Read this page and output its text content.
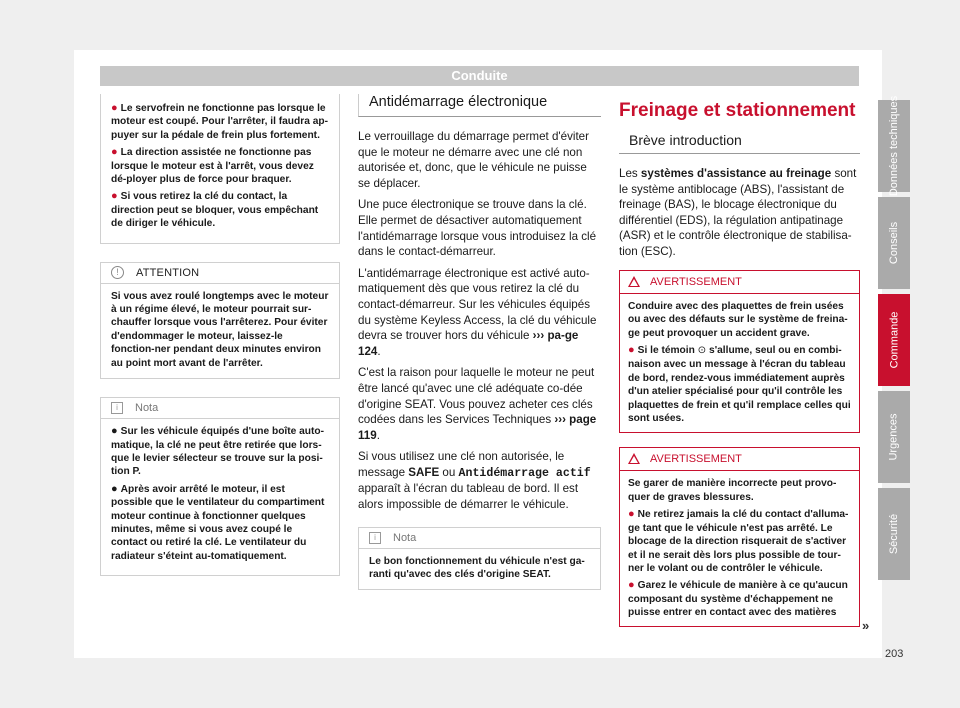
Conduite
● Le servofrein ne fonctionne pas lorsque le moteur est coupé. Pour l'arrêter, il faudra ap-puyer sur la pédale de frein plus fortement.
● La direction assistée ne fonctionne pas lorsque le moteur est à l'arrêt, vous devez dé-ployer plus de force pour braquer.
● Si vous retirez la clé du contact, la direction peut se bloquer, vous empêchant de diriger le véhicule.
!	ATTENTION
Si vous avez roulé longtemps avec le moteur à un régime élevé, le moteur pourrait sur-chauffer lorsque vous l'arrêterez. Pour éviter d'endommager le moteur, laissez-le fonction-ner pendant deux minutes environ au point mort avant de l'arrêter.
i	Nota
● Sur les véhicule équipés d'une boîte auto-matique, la clé ne peut être retirée que lors-que le levier sélecteur se trouve sur la posi-tion P.
● Après avoir arrêté le moteur, il est possible que le ventilateur du compartiment moteur continue à fonctionner quelques minutes, même si vous avez coupé le contact ou retiré la clé. Le ventilateur du radiateur s'éteint au-tomatiquement.
Antidémarrage électronique

Le verrouillage du démarrage permet d'éviter que le moteur ne démarre avec une clé non autorisée et, donc, que le véhicule ne puisse se déplacer.

Une puce électronique se trouve dans la clé. Elle permet de désactiver automatiquement l'antidémarrage lorsque vous introduisez la clé dans le contact-démarreur.

L'antidémarrage électronique est activé auto-matiquement dès que vous retirez la clé du contact-démarreur. Sur les véhicules équipés du système Keyless Access, la clé du véhicule devra se trouver hors du véhicule ››› pa-ge 124.

C'est la raison pour laquelle le moteur ne peut être lancé qu'avec une clé adéquate co-dée d'origine SEAT. Vous pouvez acheter ces clés codées dans les Services Techniques ››› page 119.

Si vous utilisez une clé non autorisée, le message SAFE ou Antidémarrage actif apparaît à l'écran du tableau de bord. Il est alors impossible de démarrer le véhicule.

i	Nota
Le bon fonctionnement du véhicule n'est ga-ranti qu'avec des clés d'origine SEAT.
Freinage et stationnement
Brève introduction

Les systèmes d'assistance au freinage sont le système antiblocage (ABS), l'assistant de freinage (BAS), le blocage électronique du différentiel (EDS), la régulation antipatinage (ASR) et le contrôle électronique de stabilisa-tion (ESC).

AVERTISSEMENT
Conduire avec des plaquettes de frein usées ou avec des défauts sur le système de freina-ge peut provoquer un accident grave.
● Si le témoin ⊙ s'allume, seul ou en combi-naison avec un message à l'écran du tableau de bord, rendez-vous immédiatement auprès d'un atelier spécialisé pour qu'il contrôle les plaquettes de frein et qu'il remplace celles qui sont usées.
AVERTISSEMENT
Se garer de manière incorrecte peut provo-quer de graves blessures.
● Ne retirez jamais la clé du contact d'alluma-ge tant que le véhicule n'est pas arrêté. Le blocage de la direction risquerait de s'activer et il ne serait dès lors plus possible de tour-ner le volant ou de contrôler le véhicule.
● Garez le véhicule de manière à ce qu'aucun composant du système d'échappement ne puisse entrer en contact avec des matières
»
Données techniques
Conseils
Commande
Urgences
Sécurité
203
